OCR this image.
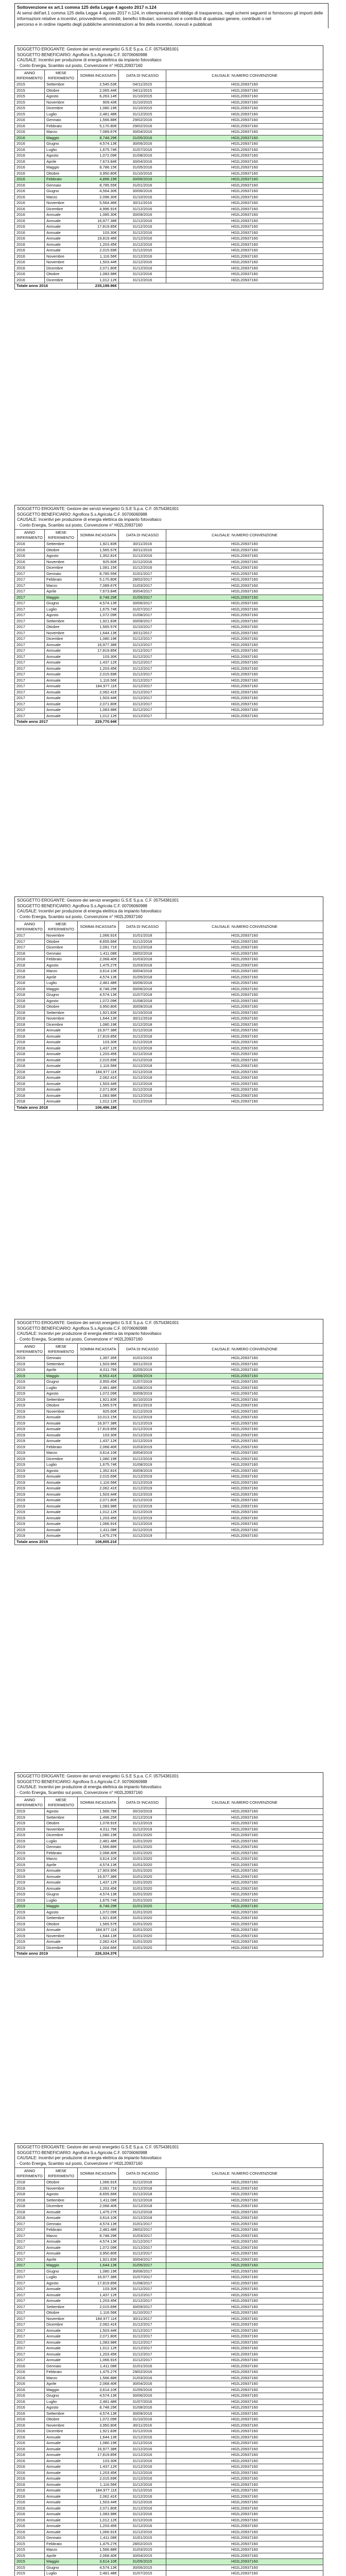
Sottovenzione ex art.1 comma 125 della Legge 4 agosto 2017 n.124

Ai sensi dell'art.1 comma 125 della Legge 4 agosto 2017 n.124, in ottemperanza all'obbligo di trasparenza, negli schemi seguenti si forniscono gli importi delle informazioni relative a incentivi, provvedimenti, crediti, benefici tributari, sovvenzioni e contributi di qualsiasi genere, contribuiti o nel

percorso e in ordine rispetto degli pubbliche amministrazioni ai fini della incentivi, ricevuti e pubblicati

SOGGETTO EROGANTE: Gestore dei servizi energetici G.S.E S.p.a. C.F. 05754381001

SOGGETTO BENEFICIARIO: Agroflora S.s.Agricola C.F. 00706060988

CAUSALE: Incentivi per produzione di energia elettrica da impianto fotovoltaico

- Conto Energia, Scambio sul posto, Convenzione n° H02L20937160

ANNO RIFERIMENTO	MESE RIFERIMENTO	SOMMA INCASSATA	DATA DI INCASSO	CAUSALE: NUMERO CONVENZIONE
2015	Settembre	2,545.53€	04/11/2015	H02L20937160
2015	Ottobre	2,065.44€	04/11/2015	H02L20937160
2015	Agosto	6,263.14€	31/10/2015	H02L20937160
2015	Novembre	909.43€	31/10/2015	H02L20937160
2015	Dicembre	1,080.19€	31/10/2015	H02L20937160
2015	Luglio	2,481.48€	31/12/2015	H02L20937160
2016	Gennaio	1,566.88€	29/02/2016	H02L20937160
2016	Febbraio	5,170.80€	29/02/2016	H02L20937160
2016	Marzo	7,089.67€	30/04/2016	H02L20937160
2016	Maggio	8,748.29€	31/05/2016	H02L20937160
2016	Giugno	4,574.13€	30/06/2016	H02L20937160
2016	Luglio	1,675.74€	31/07/2016	H02L20937160
2016	Agosto	1,072.09€	31/08/2016	H02L20937160
2016	Aprile	7,673.84€	30/04/2016	H02L20937160
2016	Maggio	8,786.15€	31/05/2016	H02L20937160
2016	Ottobre	3,950.80€	31/10/2016	H02L20937160
2016	Febbraio	4,896.19€	30/06/2016	H02L20937160
2016	Gennaio	8,785.55€	31/01/2016	H02L20937160
2016	Giugno	4,564.30€	30/06/2016	H02L20937160
2016	Marzo	2,096.30€	31/10/2016	H02L20937160
2016	Novembre	5,564.46€	30/11/2016	H02L20937160
2016	Dicembre	4,996.91€	31/12/2016	H02L20937160
2016	Annuale	1,085.30€	30/09/2016	H02L20937160
2016	Annuale	16,977.38€	31/12/2016	H02L20937160
2016	Annuale	17,819.85€	31/12/2016	H02L20937160
2016	Annuale	103.30€	31/12/2016	H02L20937160
2016	Annuale	19,819.46€	31/12/2016	H02L20937160
2016	Annuale	1,203.45€	31/12/2016	H02L20937160
2016	Annuale	2,015.69€	31/12/2016	H02L20937160
2016	Novembre	1,116.56€	31/12/2016	H02L20937160
2016	Novembre	1,503.44€	31/12/2016	H02L20937160
2016	Dicembre	2,071.80€	31/12/2016	H02L20937160
2016	Ottobre	1,083.98€	31/12/2016	H02L20937160
2016	Dicembre	1,012.12€	31/12/2016	H02L20937160
Totale anno 2016		235,199.96€		

SOGGETTO EROGANTE: Gestore dei servizi energetici G.S.E S.p.a. C.F. 05754381001

SOGGETTO BENEFICIARIO: Agroflora S.s.Agricola C.F. 00706060988

CAUSALE: Incentivi per produzione di energia elettrica da impianto fotovoltaico

- Conto Energia, Scambio sul posto, Convenzione n° H02L20937160

ANNO RIFERIMENTO	MESE RIFERIMENTO	SOMMA INCASSATA	DATA DI INCASSO	CAUSALE: NUMERO CONVENZIONE
2016	Settembre	1,921.83€	30/11/2016	H02L20937160
2016	Ottobre	1,565.57€	30/11/2016	H02L20937160
2016	Agosto	1,352.81€	31/12/2016	H02L20937160
2016	Novembre	925.60€	31/12/2016	H02L20937160
2016	Dicembre	1,081.15€	31/12/2016	H02L20937160
2017	Gennaio	8,785.55€	31/01/2017	H02L20937160
2017	Febbraio	5,170.80€	28/02/2017	H02L20937160
2017	Marzo	7,089.67€	31/03/2017	H02L20937160
2017	Aprile	7,673.84€	30/04/2017	H02L20937160
2017	Maggio	8,748.29€	31/05/2017	H02L20937160
2017	Giugno	4,574.13€	30/06/2017	H02L20937160
2017	Luglio	1,675.74€	31/07/2017	H02L20937160
2017	Agosto	1,072.09€	31/08/2017	H02L20937160
2017	Settembre	1,921.83€	30/09/2017	H02L20937160
2017	Ottobre	1,565.57€	31/10/2017	H02L20937160
2017	Novembre	1,644.13€	30/11/2017	H02L20937160
2017	Dicembre	1,080.19€	31/12/2017	H02L20937160
2017	Annuale	16,977.38€	31/12/2017	H02L20937160
2017	Annuale	17,819.85€	31/12/2017	H02L20937160
2017	Annuale	103.30€	31/12/2017	H02L20937160
2017	Annuale	1,437.12€	31/12/2017	H02L20937160
2017	Annuale	1,203.45€	31/12/2017	H02L20937160
2017	Annuale	2,015.69€	31/12/2017	H02L20937160
2017	Annuale	1,116.56€	31/12/2017	H02L20937160
2017	Annuale	184,977.11€	31/12/2017	H02L20937160
2017	Annuale	2,062.41€	31/12/2017	H02L20937160
2017	Annuale	1,503.44€	31/12/2017	H02L20937160
2017	Annuale	2,071.80€	31/12/2017	H02L20937160
2017	Annuale	1,083.98€	31/12/2017	H02L20937160
2017	Annuale	1,012.12€	31/12/2017	H02L20937160
Totale anno 2017		229,770.94€		

SOGGETTO EROGANTE: Gestore dei servizi energetici G.S.E S.p.a. C.F. 05754381001

SOGGETTO BENEFICIARIO: Agroflora S.s.Agricola C.F. 00706060988

CAUSALE: Incentivi per produzione di energia elettrica da impianto fotovoltaico

- Conto Energia, Scambio sul posto, Convenzione n° H02L20937160

ANNO RIFERIMENTO	MESE RIFERIMENTO	SOMMA INCASSATA	DATA DI INCASSO	CAUSALE: NUMERO CONVENZIONE
2017	Novembre	1,066.91€	31/01/2018	H02L20937160
2017	Ottobre	8,655.66€	31/12/2018	H02L20937160
2017	Dicembre	2,091.71€	31/12/2018	H02L20937160
2018	Gennaio	1,411.08€	28/02/2018	H02L20937160
2018	Febbraio	2,068.40€	31/03/2018	H02L20937160
2018	Agosto	1,475.27€	31/03/2018	H02L20937160
2018	Marzo	3,614.10€	30/04/2018	H02L20937160
2018	Aprile	4,574.13€	31/05/2018	H02L20937160
2018	Luglio	2,481.48€	30/06/2018	H02L20937160
2018	Maggio	8,748.29€	30/06/2018	H02L20937160
2018	Giugno	4,574.13€	31/07/2018	H02L20937160
2018	Agosto	1,072.09€	31/08/2018	H02L20937160
2018	Ottobre	3,950.80€	30/09/2018	H02L20937160
2018	Settembre	1,921.83€	31/10/2018	H02L20937160
2018	Novembre	1,644.13€	30/11/2018	H02L20937160
2018	Dicembre	1,080.19€	31/12/2018	H02L20937160
2018	Annuale	16,977.38€	31/12/2018	H02L20937160
2018	Annuale	17,819.85€	31/12/2018	H02L20937160
2018	Annuale	103.30€	31/12/2018	H02L20937160
2018	Annuale	1,437.12€	31/12/2018	H02L20937160
2018	Annuale	1,203.45€	31/12/2018	H02L20937160
2018	Annuale	2,015.69€	31/12/2018	H02L20937160
2018	Annuale	1,116.56€	31/12/2018	H02L20937160
2018	Annuale	184,977.11€	31/12/2018	H02L20937160
2018	Annuale	2,062.41€	31/12/2018	H02L20937160
2018	Annuale	1,503.44€	31/12/2018	H02L20937160
2018	Annuale	2,071.80€	31/12/2018	H02L20937160
2018	Annuale	1,083.98€	31/12/2018	H02L20937160
2018	Annuale	1,012.12€	31/12/2018	H02L20937160
Totale anno 2018		106,496.18€		

SOGGETTO EROGANTE: Gestore dei servizi energetici G.S.E S.p.a. C.F. 05754381001

SOGGETTO BENEFICIARIO: Agroflora S.s.Agricola C.F. 00706060988

CAUSALE: Incentivi per produzione di energia elettrica da impianto fotovoltaico

- Conto Energia, Scambio sul posto, Convenzione n° H02L20937160

ANNO RIFERIMENTO	MESE RIFERIMENTO	SOMMA INCASSATA	DATA DI INCASSO	CAUSALE: NUMERO CONVENZIONE
2019	Gennaio	1,397.35€	31/01/2019	H02L20937160
2019	Settembre	1,503.96€	30/11/2019	H02L20937160
2019	Aprile	4,011.76€	31/05/2019	H02L20937160
2019	Maggio	8,553.41€	30/06/2019	H02L20937160
2019	Giugno	3,955.45€	31/07/2019	H02L20937160
2019	Luglio	2,481.48€	31/08/2019	H02L20937160
2019	Agosto	1,072.09€	30/09/2019	H02L20937160
2019	Settembre	1,921.83€	31/10/2019	H02L20937160
2019	Ottobre	1,565.57€	30/11/2019	H02L20937160
2019	Novembre	925.60€	31/12/2019	H02L20937160
2019	Annuale	10,013.15€	31/12/2019	H02L20937160
2019	Annuale	16,977.38€	31/12/2019	H02L20937160
2019	Annuale	17,819.85€	31/12/2019	H02L20937160
2019	Annuale	103.30€	31/12/2019	H02L20937160
2019	Annuale	1,437.12€	31/12/2019	H02L20937160
2019	Febbraio	2,068.40€	31/03/2019	H02L20937160
2019	Marzo	3,614.10€	30/04/2019	H02L20937160
2019	Dicembre	1,080.19€	31/12/2019	H02L20937160
2019	Luglio	1,675.74€	31/08/2019	H02L20937160
2019	Agosto	1,352.81€	30/09/2019	H02L20937160
2019	Annuale	2,015.69€	31/12/2019	H02L20937160
2019	Annuale	1,116.56€	31/12/2019	H02L20937160
2019	Annuale	2,062.41€	31/12/2019	H02L20937160
2019	Annuale	1,503.44€	31/12/2019	H02L20937160
2019	Annuale	2,071.80€	31/12/2019	H02L20937160
2019	Annuale	1,083.98€	31/12/2019	H02L20937160
2019	Annuale	1,012.12€	31/12/2019	H02L20937160
2019	Annuale	1,203.45€	31/12/2019	H02L20937160
2019	Annuale	1,066.91€	31/12/2019	H02L20937160
2019	Annuale	1,411.08€	31/12/2019	H02L20937160
2019	Annuale	1,475.27€	31/12/2019	H02L20937160
Totale anno 2019		108,855.21€		

SOGGETTO EROGANTE: Gestore dei servizi energetici G.S.E S.p.a. C.F. 05754381001

SOGGETTO BENEFICIARIO: Agroflora S.s.Agricola C.F. 00706060988

CAUSALE: Incentivi per produzione di energia elettrica da impianto fotovoltaico

- Conto Energia, Scambio sul posto, Convenzione n° H02L20937160

ANNO RIFERIMENTO	MESE RIFERIMENTO	SOMMA INCASSATA	DATA DI INCASSO	CAUSALE: NUMERO CONVENZIONE
2019	Agosto	1,566.78€	30/10/2019	H02L20937160
2019	Settembre	1,496.25€	31/12/2019	H02L20937160
2019	Ottobre	1,078.91€	31/12/2019	H02L20937160
2019	Novembre	4,011.76€	31/12/2019	H02L20937160
2019	Dicembre	1,080.19€	31/01/2020	H02L20937160
2019	Luglio	2,481.48€	31/01/2020	H02L20937160
2019	Gennaio	1,566.88€	31/01/2020	H02L20937160
2019	Febbraio	2,068.40€	31/01/2020	H02L20937160
2019	Marzo	3,614.10€	31/01/2020	H02L20937160
2019	Aprile	4,574.13€	31/01/2020	H02L20937160
2019	Annuale	17,903.95€	31/01/2020	H02L20937160
2019	Annuale	16,977.38€	31/01/2020	H02L20937160
2019	Annuale	1,437.12€	31/01/2020	H02L20937160
2019	Annuale	1,203.45€	31/01/2020	H02L20937160
2019	Giugno	4,574.13€	31/01/2020	H02L20937160
2019	Luglio	1,675.74€	31/01/2020	H02L20937160
2019	Maggio	8,748.29€	31/01/2020	H02L20937160
2019	Agosto	1,072.09€	31/01/2020	H02L20937160
2019	Settembre	1,921.83€	31/01/2020	H02L20937160
2019	Ottobre	1,565.57€	31/01/2020	H02L20937160
2019	Annuale	184,977.11€	31/01/2020	H02L20937160
2019	Novembre	1,644.13€	31/01/2020	H02L20937160
2019	Annuale	2,062.41€	31/01/2020	H02L20937160
2019	Dicembre	1,004.66€	31/01/2020	H02L20937160
Totale anno 2019		226,334.37€		

SOGGETTO EROGANTE: Gestore dei servizi energetici G.S.E S.p.a. C.F. 05754381001

SOGGETTO BENEFICIARIO: Agroflora S.s.Agricola C.F. 00706060988

CAUSALE: Incentivi per produzione di energia elettrica da impianto fotovoltaico

- Conto Energia, Scambio sul posto, Convenzione n° H02L20937160

ANNO RIFERIMENTO	MESE RIFERIMENTO	SOMMA INCASSATA	DATA DI INCASSO	CAUSALE: NUMERO CONVENZIONE
2018	Ottobre	1,066.91€	31/12/2018	H02L20937160
2018	Novembre	2,091.71€	31/12/2018	H02L20937160
2018	Agosto	8,655.66€	31/12/2018	H02L20937160
2018	Settembre	1,411.08€	31/12/2018	H02L20937160
2018	Dicembre	2,068.40€	31/12/2018	H02L20937160
2018	Annuale	1,475.27€	31/12/2018	H02L20937160
2018	Annuale	3,614.10€	31/12/2018	H02L20937160
2017	Gennaio	4,574.13€	31/01/2017	H02L20937160
2017	Febbraio	2,481.48€	28/02/2017	H02L20937160
2017	Marzo	8,748.29€	31/03/2017	H02L20937160
2017	Annuale	4,574.13€	31/12/2017	H02L20937160
2017	Annuale	1,072.09€	31/12/2017	H02L20937160
2017	Annuale	3,950.80€	31/12/2017	H02L20937160
2017	Aprile	1,921.83€	30/04/2017	H02L20937160
2017	Maggio	1,644.13€	31/05/2017	H02L20937160
2017	Giugno	1,080.19€	30/06/2017	H02L20937160
2017	Luglio	16,977.38€	31/07/2017	H02L20937160
2017	Agosto	17,819.85€	31/08/2017	H02L20937160
2017	Annuale	103.30€	31/12/2017	H02L20937160
2017	Annuale	1,437.12€	31/12/2017	H02L20937160
2017	Annuale	1,203.45€	31/12/2017	H02L20937160
2017	Settembre	2,015.69€	30/09/2017	H02L20937160
2017	Ottobre	1,116.56€	31/10/2017	H02L20937160
2017	Novembre	184,977.11€	30/11/2017	H02L20937160
2017	Dicembre	2,062.41€	31/12/2017	H02L20937160
2017	Annuale	1,503.44€	31/12/2017	H02L20937160
2017	Annuale	2,071.80€	31/12/2017	H02L20937160
2017	Annuale	1,083.98€	31/12/2017	H02L20937160
2017	Annuale	1,012.12€	31/12/2017	H02L20937160
2017	Annuale	1,203.45€	31/12/2017	H02L20937160
2017	Annuale	1,066.91€	31/12/2017	H02L20937160
2016	Gennaio	1,411.08€	31/01/2016	H02L20937160
2016	Febbraio	1,475.27€	29/02/2016	H02L20937160
2016	Marzo	1,566.88€	31/03/2016	H02L20937160
2016	Aprile	2,068.40€	30/04/2016	H02L20937160
2016	Maggio	3,614.10€	31/05/2016	H02L20937160
2016	Giugno	4,574.13€	30/06/2016	H02L20937160
2016	Luglio	2,481.48€	31/07/2016	H02L20937160
2016	Agosto	8,748.29€	31/08/2016	H02L20937160
2016	Settembre	4,574.13€	30/09/2016	H02L20937160
2016	Ottobre	1,072.09€	31/10/2016	H02L20937160
2016	Novembre	3,950.80€	30/11/2016	H02L20937160
2016	Dicembre	1,921.83€	31/12/2016	H02L20937160
2016	Annuale	1,644.13€	31/12/2016	H02L20937160
2016	Annuale	1,080.19€	31/12/2016	H02L20937160
2016	Annuale	16,977.38€	31/12/2016	H02L20937160
2016	Annuale	17,819.85€	31/12/2016	H02L20937160
2016	Annuale	103.30€	31/12/2016	H02L20937160
2016	Annuale	1,437.12€	31/12/2016	H02L20937160
2016	Annuale	1,203.45€	31/12/2016	H02L20937160
2016	Annuale	2,015.69€	31/12/2016	H02L20937160
2016	Annuale	1,116.56€	31/12/2016	H02L20937160
2016	Annuale	184,977.11€	31/12/2016	H02L20937160
2016	Annuale	2,062.41€	31/12/2016	H02L20937160
2016	Annuale	1,503.44€	31/12/2016	H02L20937160
2016	Annuale	2,071.80€	31/12/2016	H02L20937160
2016	Annuale	1,083.98€	31/12/2016	H02L20937160
2016	Annuale	1,012.12€	31/12/2016	H02L20937160
2016	Annuale	1,203.45€	31/12/2016	H02L20937160
2016	Annuale	1,066.91€	31/12/2016	H02L20937160
2015	Gennaio	1,411.08€	31/01/2015	H02L20937160
2015	Febbraio	1,475.27€	28/02/2015	H02L20937160
2015	Marzo	1,566.88€	31/03/2015	H02L20937160
2015	Aprile	2,068.40€	30/04/2015	H02L20937160
2015	Maggio	3,614.10€	31/05/2015	H02L20937160
2015	Giugno	4,574.13€	30/06/2015	H02L20937160
2015	Luglio	2,481.48€	31/07/2015	H02L20937160
